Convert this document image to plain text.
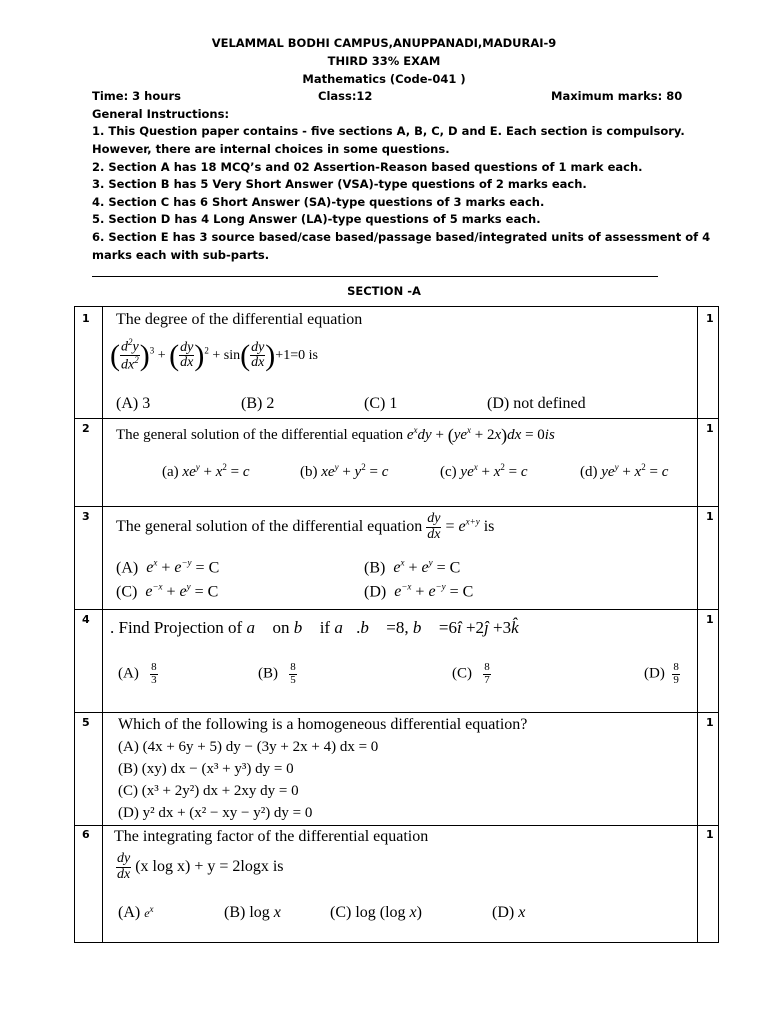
VELAMMAL BODHI CAMPUS,ANUPPANADI,MADURAI-9
THIRD 33% EXAM
Mathematics (Code-041 )
Time: 3 hours	Class:12	Maximum marks: 80
General Instructions:
1. This Question paper contains - five sections A, B, C, D and E. Each section is compulsory.
However, there are internal choices in some questions.
2. Section A has 18 MCQ’s and 02 Assertion-Reason based questions of 1 mark each.
3. Section B has 5 Very Short Answer (VSA)-type questions of 2 marks each.
4. Section C has 6 Short Answer (SA)-type questions of 3 marks each.
5. Section D has 4 Long Answer (LA)-type questions of 5 marks each.
6. Section E has 3 source based/case based/passage based/integrated units of assessment of 4
marks each with sub-parts.
SECTION -A
1	1
The degree of the differential equation
( $\frac{d^2y}{dx^2} )^3$ + ( $\frac{dy}{dx} )^2 + \sin( \frac{dy}{dx} )+1=0$ is
(A) 3	(B) 2	(C) 1	(D) not defined
2	1
The general solution of the differential equation $e^xdy + (ye^x + 2x)dx = 0is$
(a) $xe^y + x^2 = c$	(b) $xe^y + y^2 = c$	(c) $ye^x + x^2 = c$	(d) $ye^y + x^2 = c$
3	1
The general solution of the differential equation $\frac{dy}{dx} = e^{x+y}$ is
(A) $e^x + e^{-y} = C$	(B) $e^x + e^y = C$
(C) $e^{-x} + e^y = C$	(D) $e^{-x} + e^{-y} = C$
4	1
. Find Projection of a⃗ on b⃗ if a⃗.b⃗ =8, b⃗ =6î +2ĵ +3k̂
$(A) \frac{8}{3}$	$(B) \frac{8}{5}$	$(C) \frac{8}{7}$	$(D) \frac{8}{9}$
5	1
Which of the following is a homogeneous differential equation?
(A) (4x + 6y + 5) dy − (3y + 2x + 4) dx = 0
(B) (xy) dx − (x³ + y³) dy = 0
(C) (x³ + 2y²) dx + 2xy dy = 0
(D) y² dx + (x² − xy − y²) dy = 0
6	1
The integrating factor of the differential equation
$\frac{dy}{dx} (x$ log x) + y = 2logx is
(A) $e^x$	(B) log x	(C) log (log x)	(D) x
